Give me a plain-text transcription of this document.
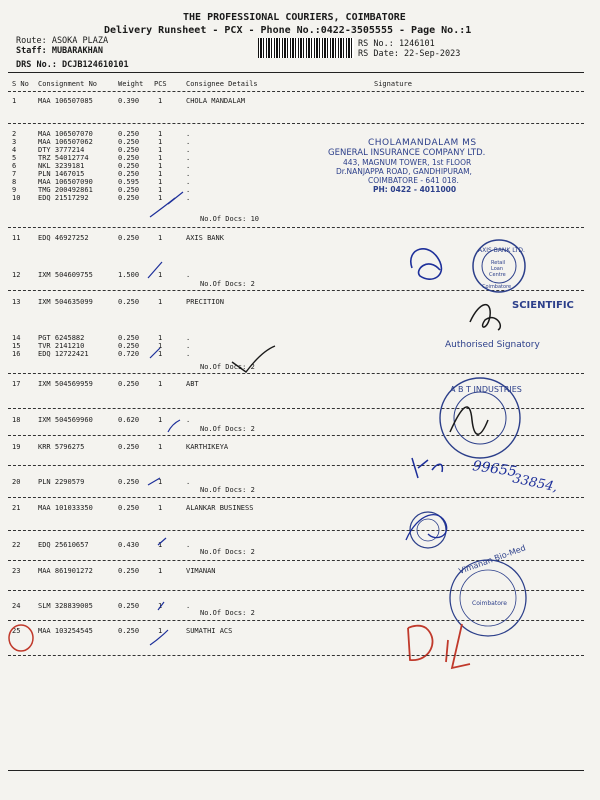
THE PROFESSIONAL COURIERS, COIMBATORE
Delivery Runsheet - PCX - Phone No.:0422-3505555 - Page No.:1
Route: ASOKA PLAZA
Staff: MUBARAKHAN
DRS No.: DCJB124610101
RS No.: 1246101
RS Date: 22-Sep-2023
S No Consignment No	Weight PCS	Consignee Details	Signature
1	MAA 106507085	0.390	1	CHOLA MANDALAM
2	MAA 106507070	0.250	1	.
3	MAA 106507062	0.250	1	.
4	DTY 3777214	0.250	1	.
5	TRZ 54012774	0.250	1	.
6	NKL 3239181	0.250	1	.
7	PLN 1467015	0.250	1	.
8	MAA 106507090	0.595	1	.
9	TMG 200492861	0.250	1	.
10	EDQ 21517292	0.250	1	.
11	EDQ 46927252	0.250	1	AXIS BANK
12	IXM 504609755	1.500	1	.
13	IXM 504635099	0.250	1	PRECITION
14	PGT 6245882	0.250	1	.
15	TVR 2141210	0.250	1	.
16	EDQ 12722421	0.720	1	.
17	IXM 504569959	0.250	1	ABT
18	IXM 504569960	0.620	1	.
19	KRR 5796275	0.250	1	KARTHIKEYA
20	PLN 2290579	0.250	1	.
21	MAA 101033350	0.250	1	ALANKAR BUSINESS
22	EDQ 25610657	0.430	1	.
23	MAA 861901272	0.250	1	VIMANAN
24	SLM 328839005	0.250	1	.
25	MAA 103254545	0.250	1	SUMATHI ACS
No.Of Docs: 10
No.Of Docs: 2
No.Of Docs: 2
No.Of Docs: 2
No.Of Docs: 2
No.Of Docs: 2
No.Of Docs: 2
CHOLAMANDALAM MS
GENERAL INSURANCE COMPANY LTD.
443, MAGNUM TOWER, 1st FLOOR
Dr.NANJAPPA ROAD, GANDHIPURAM,
COIMBATORE - 641 018.
PH: 0422 - 4011000
SCIENTIFIC
Authorised Signatory
AXIS BANK LTD.
Retail
Loan
Centre
Coimbatore
A B T INDUSTRIES
99655
33854,
Vimanan Bio-Med
Coimbatore
